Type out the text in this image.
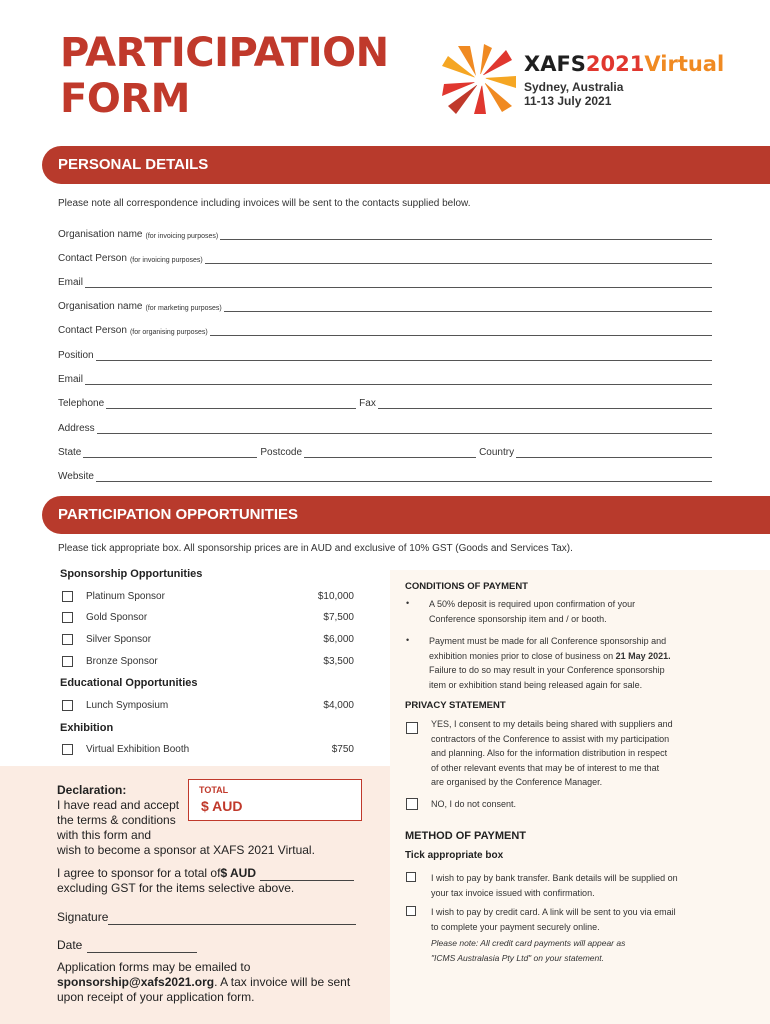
PARTICIPATION
FORM
XAFS2021Virtual
Sydney, Australia
11-13 July 2021
PERSONAL DETAILS
Please note all correspondence including invoices will be sent to the contacts supplied below.
Organisation name (for invoicing purposes)
Contact Person (for invoicing purposes)
Email
Organisation name (for marketing purposes)
Contact Person (for organising purposes)
Position
Email
Telephone	Fax
Address
State	Postcode	Country
Website
PARTICIPATION OPPORTUNITIES
Please tick appropriate box. All sponsorship prices are in AUD and exclusive of 10% GST (Goods and Services Tax).
Sponsorship Opportunities
Platinum Sponsor	$10,000
Gold Sponsor	$7,500
Silver Sponsor	$6,000
Bronze Sponsor	$3,500
Educational Opportunities
Lunch Symposium	$4,000
Exhibition
Virtual Exhibition Booth	$750
CONDITIONS OF PAYMENT
• A 50% deposit is required upon confirmation of your
Conference sponsorship item and / or booth.
• Payment must be made for all Conference sponsorship and
exhibition monies prior to close of business on 21 May 2021.
Failure to do so may result in your Conference sponsorship
item or exhibition stand being released again for sale.
PRIVACY STATEMENT
YES, I consent to my details being shared with suppliers and
contractors of the Conference to assist with my participation
and planning. Also for the information distribution in respect
of other relevant events that may be of interest to me that
are organised by the Conference Manager.
NO, I do not consent.
METHOD OF PAYMENT
Tick appropriate box
I wish to pay by bank transfer. Bank details will be supplied on
your tax invoice issued with confirmation.
I wish to pay by credit card. A link will be sent to you via email
to complete your payment securely online.
Please note: All credit card payments will appear as
"ICMS Australasia Pty Ltd" on your statement.
Declaration:
I have read and accept
the terms & conditions
with this form and
wish to become a sponsor at XAFS 2021 Virtual.
TOTAL
$ AUD
I agree to sponsor for a total of $ AUD
excluding GST for the items selective above.
Signature
Date
Application forms may be emailed to
sponsorship@xafs2021.org. A tax invoice will be sent
upon receipt of your application form.
